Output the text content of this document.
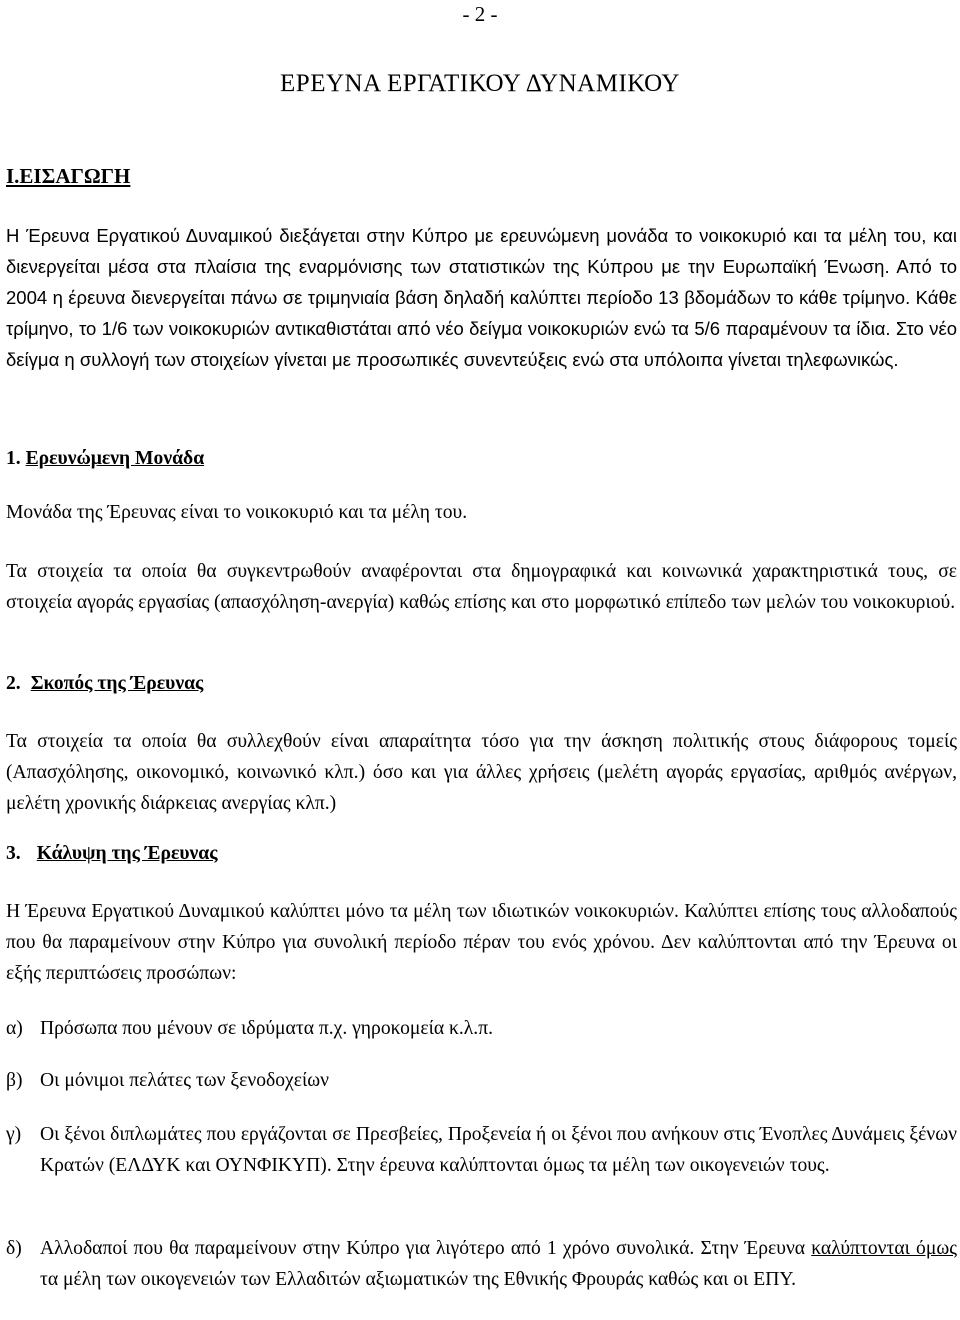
- 2 -
ΕΡΕΥΝΑ ΕΡΓΑΤΙΚΟΥ ΔΥΝΑΜΙΚΟΥ
Ι.ΕΙΣΑΓΩΓΗ
Η Έρευνα Εργατικού Δυναμικού διεξάγεται στην Κύπρο με ερευνώμενη μονάδα το νοικοκυριό και τα μέλη του, και διενεργείται μέσα στα πλαίσια της εναρμόνισης των στατιστικών της Κύπρου με την Ευρωπαϊκή Ένωση. Από το 2004 η έρευνα διενεργείται πάνω σε τριμηνιαία βάση δηλαδή καλύπτει περίοδο 13 βδομάδων το κάθε τρίμηνο. Κάθε τρίμηνο, το 1/6 των νοικοκυριών αντικαθιστάται από νέο δείγμα νοικοκυριών ενώ τα 5/6 παραμένουν τα ίδια. Στο νέο δείγμα η συλλογή των στοιχείων γίνεται με προσωπικές συνεντεύξεις ενώ στα υπόλοιπα γίνεται τηλεφωνικώς.
1. Ερευνώμενη Μονάδα
Μονάδα της Έρευνας είναι το νοικοκυριό και τα μέλη του.
Τα στοιχεία τα οποία θα συγκεντρωθούν αναφέρονται στα δημογραφικά και κοινωνικά χαρακτηριστικά τους, σε στοιχεία αγοράς εργασίας (απασχόληση-ανεργία) καθώς επίσης και στο μορφωτικό επίπεδο των μελών του νοικοκυριού.
2. Σκοπός της Έρευνας
Τα στοιχεία τα οποία θα συλλεχθούν είναι απαραίτητα τόσο για την άσκηση πολιτικής στους διάφορους τομείς (Απασχόλησης, οικονομικό, κοινωνικό κλπ.) όσο και για άλλες χρήσεις (μελέτη αγοράς εργασίας, αριθμός ανέργων, μελέτη χρονικής διάρκειας ανεργίας κλπ.)
3. Κάλυψη της Έρευνας
Η Έρευνα Εργατικού Δυναμικού καλύπτει μόνο τα μέλη των ιδιωτικών νοικοκυριών. Καλύπτει επίσης τους αλλοδαπούς που θα παραμείνουν στην Κύπρο για συνολική περίοδο πέραν του ενός χρόνου. Δεν καλύπτονται από την Έρευνα οι εξής περιπτώσεις προσώπων:
α) Πρόσωπα που μένουν σε ιδρύματα π.χ. γηροκομεία κ.λ.π.
β) Οι μόνιμοι πελάτες των ξενοδοχείων
γ) Οι ξένοι διπλωμάτες που εργάζονται σε Πρεσβείες, Προξενεία ή οι ξένοι που ανήκουν στις Ένοπλες Δυνάμεις ξένων Κρατών (ΕΛΔΥΚ και ΟΥΝΦΙΚΥΠ). Στην έρευνα καλύπτονται όμως τα μέλη των οικογενειών τους.
δ) Αλλοδαποί που θα παραμείνουν στην Κύπρο για λιγότερο από 1 χρόνο συνολικά. Στην Έρευνα καλύπτονται όμως τα μέλη των οικογενειών των Ελλαδιτών αξιωματικών της Εθνικής Φρουράς καθώς και οι ΕΠΥ.
